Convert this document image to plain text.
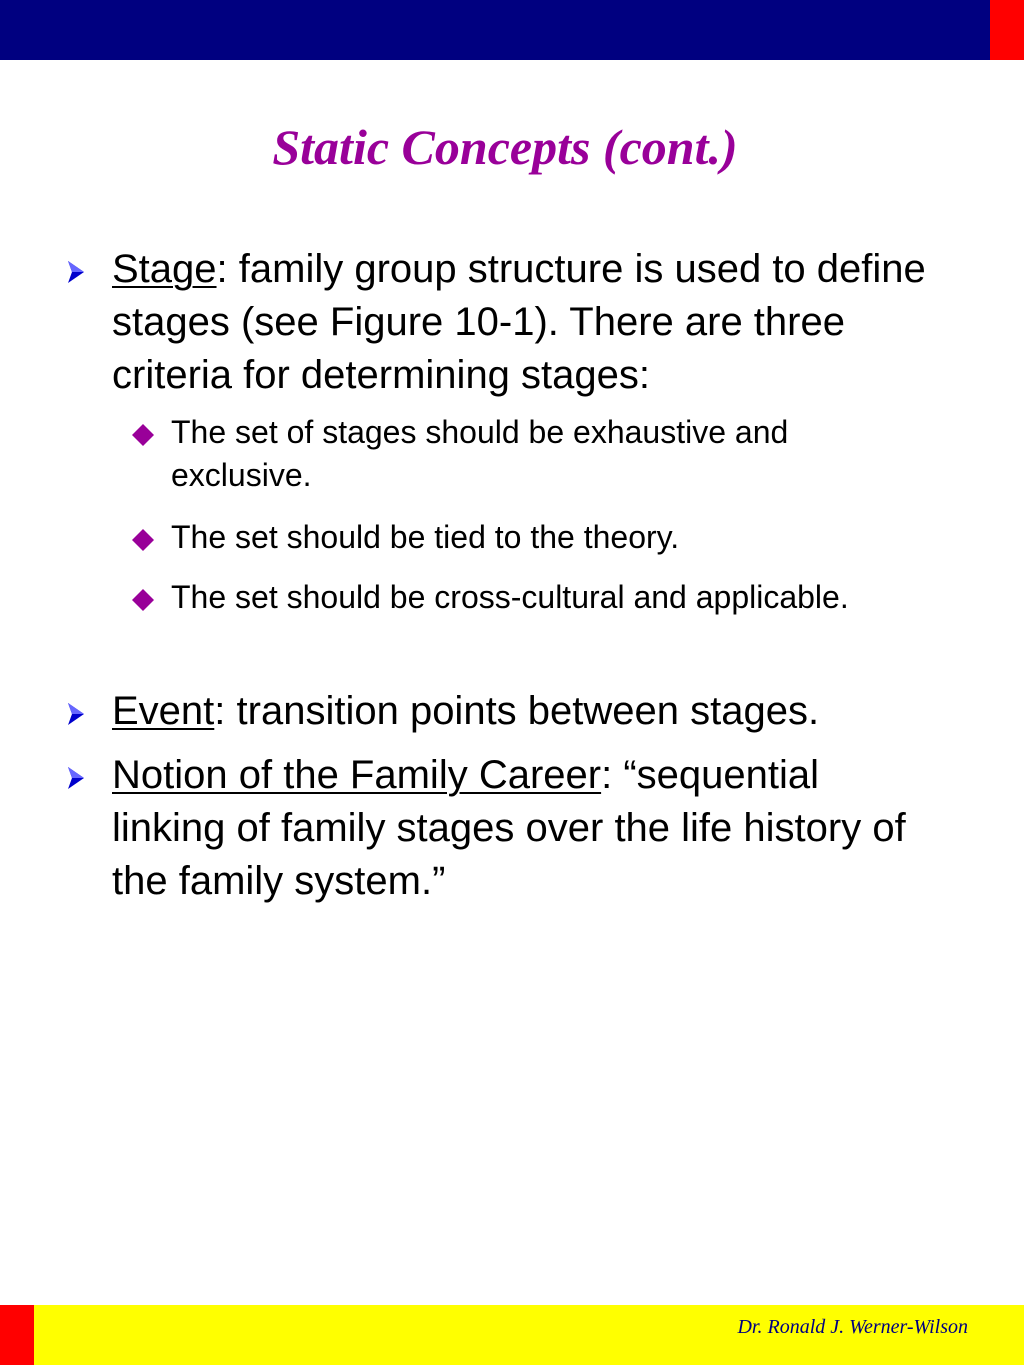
Static Concepts (cont.)
Stage: family group structure is used to define stages (see Figure 10-1). There are three criteria for determining stages:
The set of stages should be exhaustive and exclusive.
The set should be tied to the theory.
The set should be cross-cultural and applicable.
Event: transition points between stages.
Notion of the Family Career: “sequential linking of family stages over the life history of the family system.”
Dr. Ronald J. Werner-Wilson
